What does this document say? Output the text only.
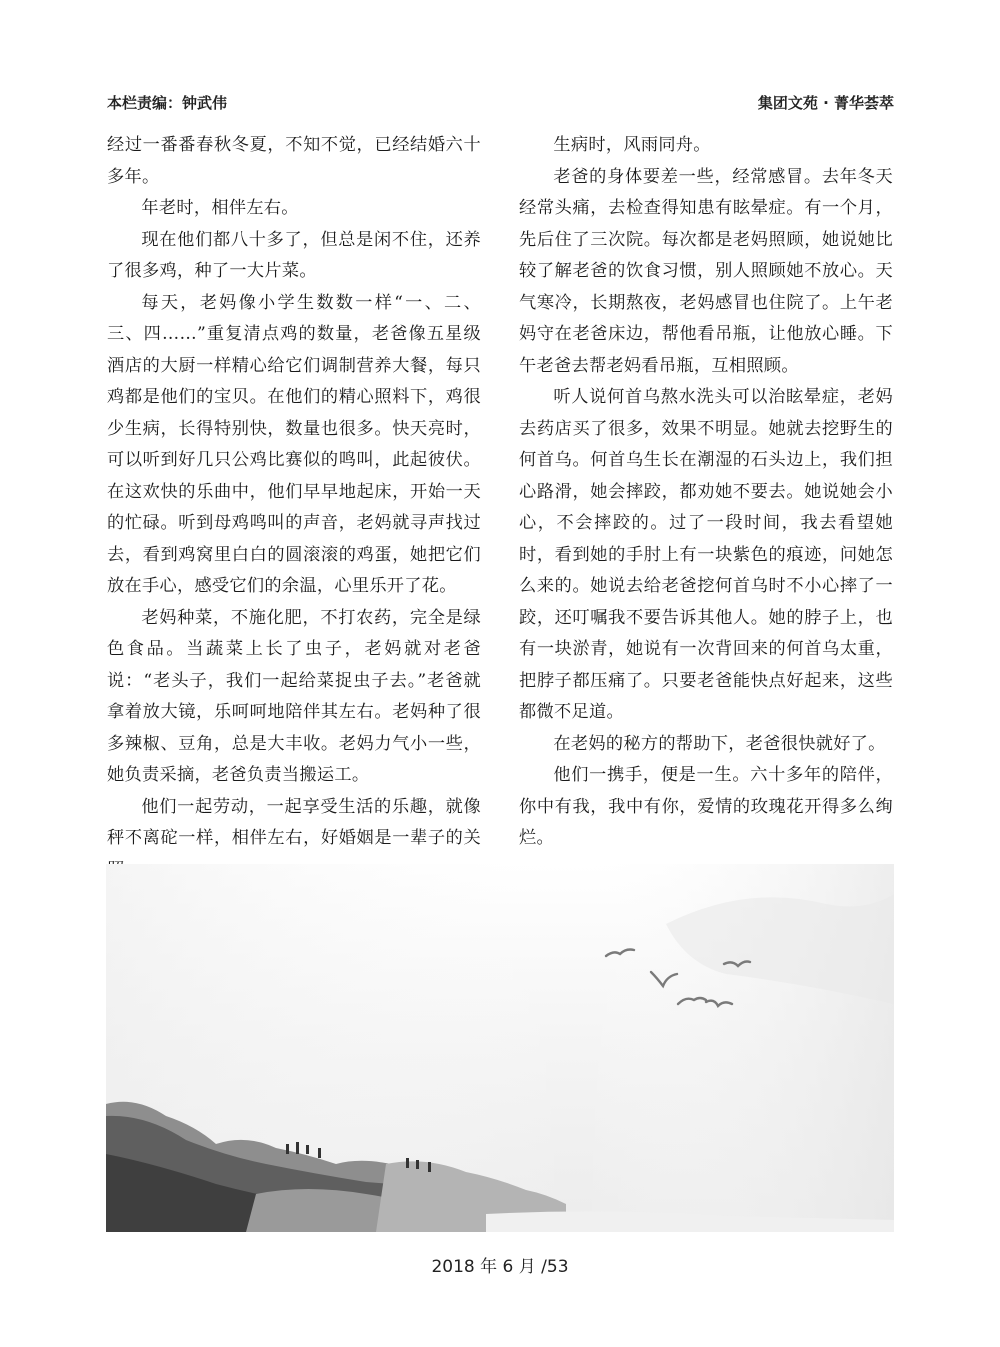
本栏责编：钟武伟	集团文苑 · 菁华荟萃

经过一番番春秋冬夏，不知不觉，已经结婚六十多年。

年老时，相伴左右。

现在他们都八十多了，但总是闲不住，还养了很多鸡，种了一大片菜。

每天，老妈像小学生数数一样“一、二、三、四……”重复清点鸡的数量，老爸像五星级酒店的大厨一样精心给它们调制营养大餐，每只鸡都是他们的宝贝。在他们的精心照料下，鸡很少生病，长得特别快，数量也很多。快天亮时，可以听到好几只公鸡比赛似的鸣叫，此起彼伏。在这欢快的乐曲中，他们早早地起床，开始一天的忙碌。听到母鸡鸣叫的声音，老妈就寻声找过去，看到鸡窝里白白的圆滚滚的鸡蛋，她把它们放在手心，感受它们的余温，心里乐开了花。

老妈种菜，不施化肥，不打农药，完全是绿色食品。当蔬菜上长了虫子，老妈就对老爸说：“老头子，我们一起给菜捉虫子去。”老爸就拿着放大镜，乐呵呵地陪伴其左右。老妈种了很多辣椒、豆角，总是大丰收。老妈力气小一些，她负责采摘，老爸负责当搬运工。

他们一起劳动，一起享受生活的乐趣，就像秤不离砣一样，相伴左右，好婚姻是一辈子的关

生病时，风雨同舟。

老爸的身体要差一些，经常感冒。去年冬天经常头痛，去检查得知患有眩晕症。有一个月，先后住了三次院。每次都是老妈照顾，她说她比较了解老爸的饮食习惯，别人照顾她不放心。天气寒冷，长期熬夜，老妈感冒也住院了。上午老妈守在老爸床边，帮他看吊瓶，让他放心睡。下午老爸去帮老妈看吊瓶，互相照顾。

听人说何首乌熬水洗头可以治眩晕症，老妈去药店买了很多，效果不明显。她就去挖野生的何首乌。何首乌生长在潮湿的石头边上，我们担心路滑，她会摔跤，都劝她不要去。她说她会小心，不会摔跤的。过了一段时间，我去看望她时，看到她的手肘上有一块紫色的痕迹，问她怎么来的。她说去给老爸挖何首乌时不小心摔了一跤，还叮嘱我不要告诉其他人。她的脖子上，也有一块淤青，她说有一次背回来的何首乌太重，把脖子都压痛了。只要老爸能快点好起来，这些都微不足道。

在老妈的秘方的帮助下，老爸很快就好了。

他们一携手，便是一生。六十多年的陪伴，你中有我，我中有你，爱情的玫瑰花开得多么绚烂。

2018 年 6 月 /53
